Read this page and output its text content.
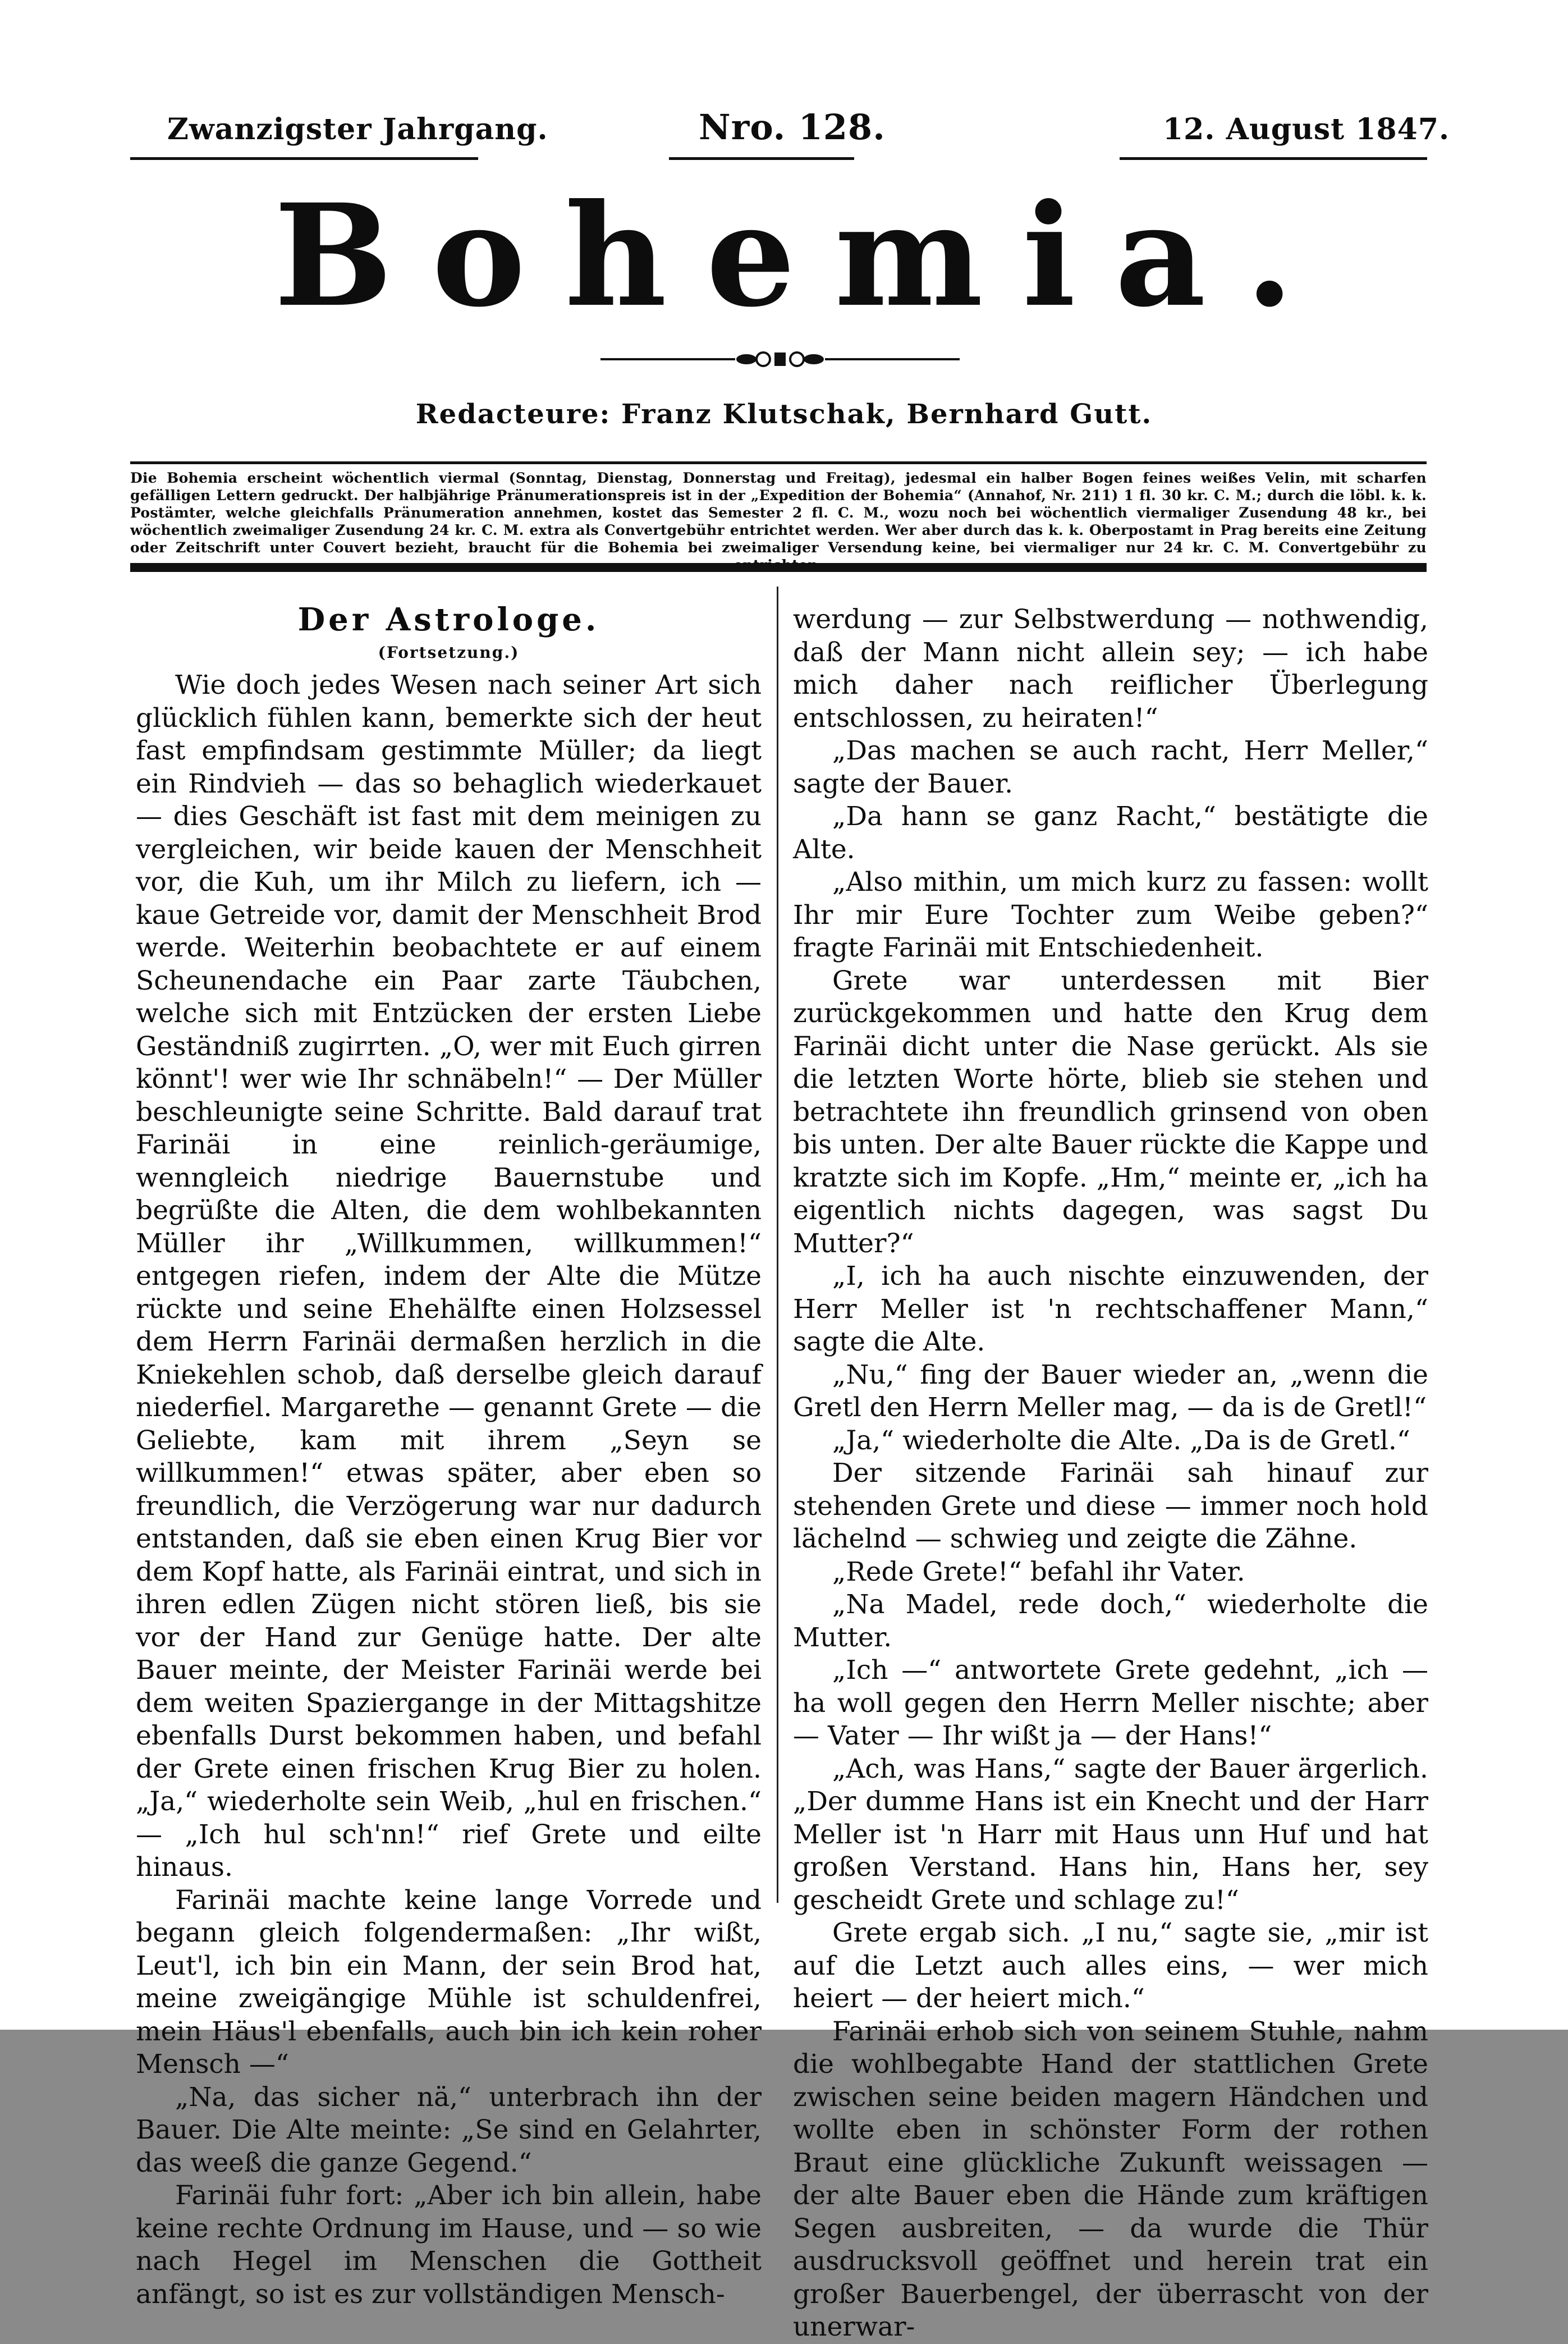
Zwanzigster Jahrgang.	Nro. 128.	12. August 1847.
Bohemia.
Redacteure: Franz Klutschak, Bernhard Gutt.
Die Bohemia erscheint wöchentlich viermal (Sonntag, Dienstag, Donnerstag und Freitag), jedesmal ein halber Bogen feines weißes Velin, mit scharfen gefälligen Lettern gedruckt. Der halbjährige Pränumerationspreis ist in der „Expedition der Bohemia“ (Annahof, Nr. 211) 1 fl. 30 kr. C. M.; durch die löbl. k. k. Postämter, welche gleichfalls Pränumeration annehmen, kostet das Semester 2 fl. C. M., wozu noch bei wöchentlich viermaliger Zusendung 48 kr., bei wöchentlich zweimaliger Zusendung 24 kr. C. M. extra als Convertgebühr entrichtet werden. Wer aber durch das k. k. Oberpostamt in Prag bereits eine Zeitung oder Zeitschrift unter Couvert bezieht, braucht für die Bohemia bei zweimaliger Versendung keine, bei viermaliger nur 24 kr. C. M. Convertgebühr zu

Der Astrologe.

(Fortsetzung.)

Wie doch jedes Wesen nach seiner Art sich glücklich fühlen kann, bemerkte sich der heut fast empfindsam gestimmte Müller; da liegt ein Rindvieh — das so behaglich wiederkauet — dies Geschäft ist fast mit dem meinigen zu vergleichen, wir beide kauen der Menschheit vor, die Kuh, um ihr Milch zu liefern, ich — kaue Getreide vor, damit der Menschheit Brod werde. Weiterhin beobachtete er auf einem Scheunendache ein Paar zarte Täubchen, welche sich mit Entzücken der ersten Liebe Geständniß zugirrten. „O, wer mit Euch girren könnt'! wer wie Ihr schnäbeln!“ — Der Müller beschleunigte seine Schritte. Bald darauf trat Farinäi in eine reinlich-geräumige, wenngleich niedrige Bauernstube und begrüßte die Alten, die dem wohlbekannten Müller ihr „Willkummen, willkummen!“ entgegen riefen, indem der Alte die Mütze rückte und seine Ehehälfte einen Holzsessel dem Herrn Farinäi dermaßen herzlich in die Kniekehlen schob, daß derselbe gleich darauf niederfiel. Margarethe — genannt Grete — die Geliebte, kam mit ihrem „Seyn se willkummen!“ etwas später, aber eben so freundlich, die Verzögerung war nur dadurch entstanden, daß sie eben einen Krug Bier vor dem Kopf hatte, als Farinäi eintrat, und sich in ihren edlen Zügen nicht stören ließ, bis sie vor der Hand zur Genüge hatte. Der alte Bauer meinte, der Meister Farinäi werde bei dem weiten Spaziergange in der Mittagshitze ebenfalls Durst bekommen haben, und befahl der Grete einen frischen Krug Bier zu holen. „Ja,“ wiederholte sein Weib, „hul en frischen.“ — „Ich hul sch'nn!“ rief Grete und eilte hinaus.

Farinäi machte keine lange Vorrede und begann gleich folgendermaßen: „Ihr wißt, Leut'l, ich bin ein Mann, der sein Brod hat, meine zweigängige Mühle ist schuldenfrei, mein Häus'l ebenfalls, auch bin ich kein roher Mensch —“

„Na, das sicher nä,“ unterbrach ihn der Bauer. Die Alte meinte: „Se sind en Gelahrter, das weeß die ganze Gegend.“

Farinäi fuhr fort: „Aber ich bin allein, habe keine rechte Ordnung im Hause, und — so wie nach Hegel im Menschen die Gottheit anfängt, so ist es zur vollständigen Mensch-

werdung — zur Selbstwerdung — nothwendig, daß der Mann nicht allein sey; — ich habe mich daher nach reiflicher Überlegung entschlossen, zu heiraten!“

„Das machen se auch racht, Herr Meller,“ sagte der Bauer.

„Da hann se ganz Racht,“ bestätigte die Alte.

„Also mithin, um mich kurz zu fassen: wollt Ihr mir Eure Tochter zum Weibe geben?“ fragte Farinäi mit Entschiedenheit.

Grete war unterdessen mit Bier zurückgekommen und hatte den Krug dem Farinäi dicht unter die Nase gerückt. Als sie die letzten Worte hörte, blieb sie stehen und betrachtete ihn freundlich grinsend von oben bis unten. Der alte Bauer rückte die Kappe und kratzte sich im Kopfe. „Hm,“ meinte er, „ich ha eigentlich nichts dagegen, was sagst Du Mutter?“

„I, ich ha auch nischte einzuwenden, der Herr Meller ist 'n rechtschaffener Mann,“ sagte die Alte.

„Nu,“ fing der Bauer wieder an, „wenn die Gretl den Herrn Meller mag, — da is de Gretl!“

„Ja,“ wiederholte die Alte. „Da is de Gretl.“

Der sitzende Farinäi sah hinauf zur stehenden Grete und diese — immer noch hold lächelnd — schwieg und zeigte die Zähne.

„Rede Grete!“ befahl ihr Vater.

„Na Madel, rede doch,“ wiederholte die Mutter.

„Ich —“ antwortete Grete gedehnt, „ich — ha woll gegen den Herrn Meller nischte; aber — Vater — Ihr wißt ja — der Hans!“

„Ach, was Hans,“ sagte der Bauer ärgerlich. „Der dumme Hans ist ein Knecht und der Harr Meller ist 'n Harr mit Haus unn Huf und hat großen Verstand. Hans hin, Hans her, sey gescheidt Grete und schlage zu!“

Grete ergab sich. „I nu,“ sagte sie, „mir ist auf die Letzt auch alles eins, — wer mich heiert — der heiert mich.“

Farinäi erhob sich von seinem Stuhle, nahm die wohlbegabte Hand der stattlichen Grete zwischen seine beiden magern Händchen und wollte eben in schönster Form der rothen Braut eine glückliche Zukunft weissagen — der alte Bauer eben die Hände zum kräftigen Segen ausbreiten, — da wurde die Thür ausdrucksvoll geöffnet und herein trat ein großer Bauerbengel, der überrascht von der unerwar-
